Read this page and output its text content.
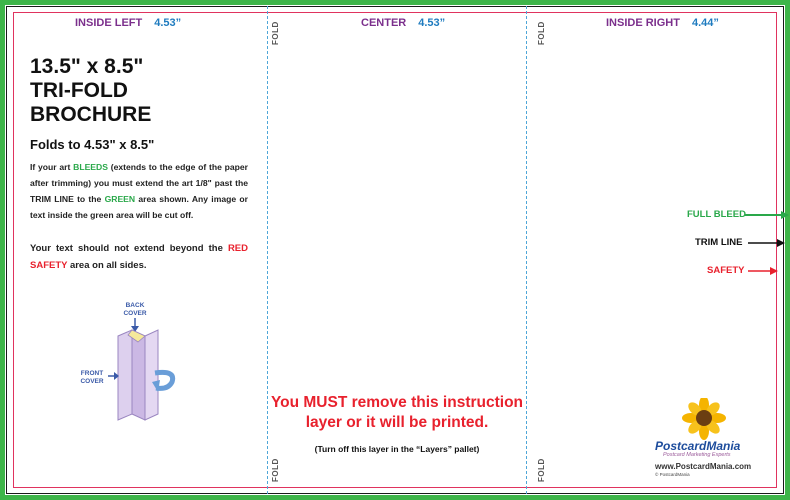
FOLD
FOLD
FOLD
FOLD
INSIDE LEFT 4.53”	CENTER 4.53”	INSIDE RIGHT 4.44”
13.5" x 8.5"
TRI-FOLD
BROCHURE
Folds to 4.53" x 8.5"
If your art BLEEDS (extends to the edge of the paper after trimming) you must extend the art 1/8" past the TRIM LINE to the GREEN area shown. Any image or text inside the green area will be cut off.
Your text should not extend beyond the RED SAFETY area on all sides.
BACK COVER
FRONT COVER
You MUST remove this instruction layer or it will be printed.
(Turn off this layer in the “Layers” pallet)
FULL BLEED
TRIM LINE
SAFETY
PostcardMania
Postcard Marketing Experts
www.PostcardMania.com
© PostcardMania
